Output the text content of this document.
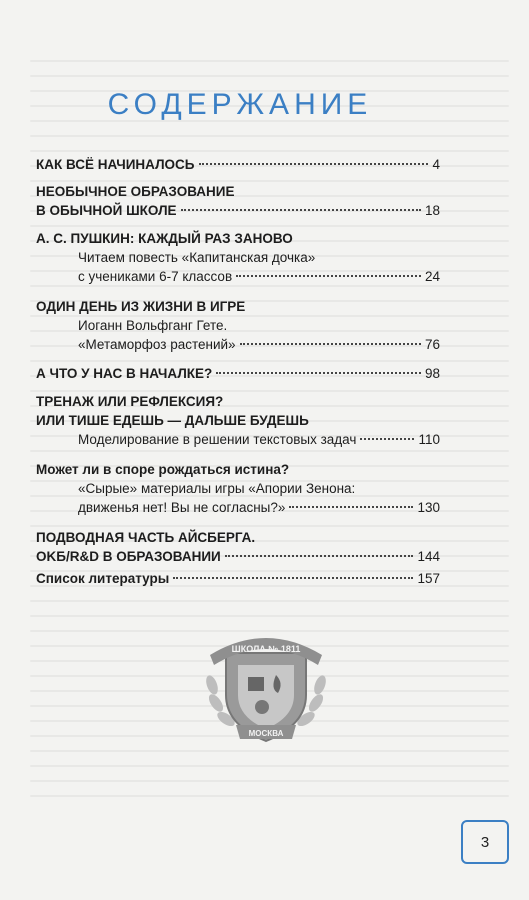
СОДЕРЖАНИЕ
КАК ВСЁ НАЧИНАЛОСЬ	4
НЕОБЫЧНОЕ ОБРАЗОВАНИЕ
В ОБЫЧНОЙ ШКОЛЕ	18
А. С. ПУШКИН: КАЖДЫЙ РАЗ ЗАНОВО
Читаем повесть «Капитанская дочка»
с учениками 6-7 классов	24
ОДИН ДЕНЬ ИЗ ЖИЗНИ В ИГРЕ
Иоганн Вольфганг Гете.
«Метаморфоз растений»	76
А ЧТО У НАС В НАЧАЛКЕ?	98
ТРЕНАЖ ИЛИ РЕФЛЕКСИЯ?
ИЛИ ТИШЕ ЕДЕШЬ — ДАЛЬШЕ БУДЕШЬ
Моделирование в решении текстовых задач	110
Может ли в споре рождаться истина?
«Сырые» материалы игры «Апории Зенона:
движенья нет! Вы не согласны?»	130
ПОДВОДНАЯ ЧАСТЬ АЙСБЕРГА.
OKБ/R&D В ОБРАЗОВАНИИ	144
Список литературы	157
ШКОЛА № 1811
МОСКВА
3
